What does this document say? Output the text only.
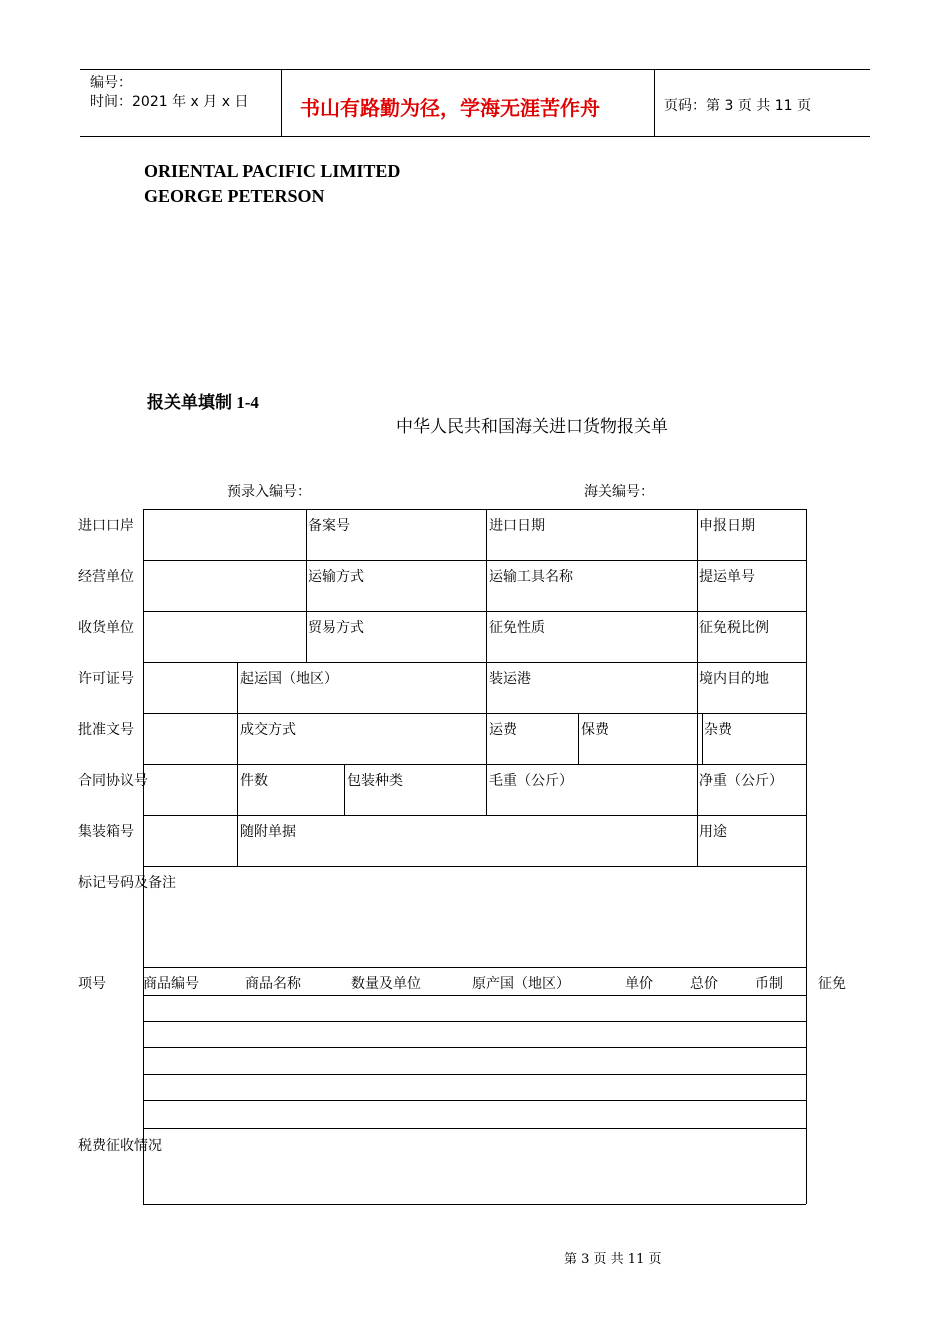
编号：
时间：2021 年 x 月 x 日	书山有路勤为径，学海无涯苦作舟	页码：第 3 页 共 11 页
ORIENTAL PACIFIC LIMITED
GEORGE PETERSON
报关单填制 1-4
中华人民共和国海关进口货物报关单
预录入编号：	海关编号：
进口口岸	备案号	进口日期	申报日期
经营单位	运输方式	运输工具名称	提运单号
收货单位	贸易方式	征免性质	征免税比例
许可证号	起运国（地区）	装运港	境内目的地
批准文号	成交方式	运费	保费	杂费
合同协议号	件数	包装种类	毛重（公斤）	净重（公斤）
集装箱号	随附单据	用途
标记号码及备注
项号	商品编号	商品名称	数量及单位	原产国（地区）	单价	总价	币制	征免
税费征收情况
第 3 页 共 11 页
